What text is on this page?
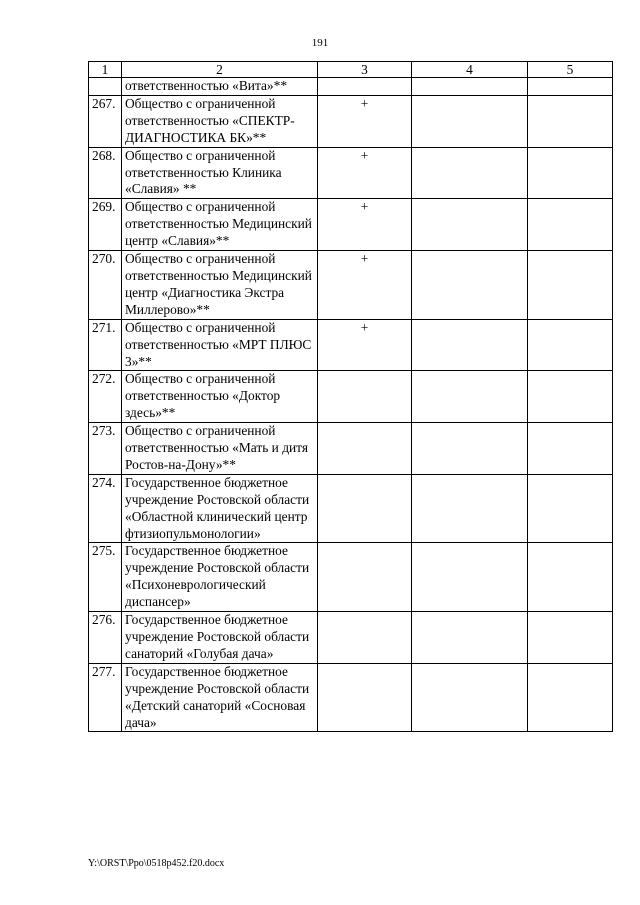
191
1	2	3	4	5
	ответственностью «Вита»**			
267.	Общество с ограниченной ответственностью «СПЕКТР-ДИАГНОСТИКА БК»**	+		
268.	Общество с ограниченной ответственностью Клиника «Славия» **	+		
269.	Общество с ограниченной ответственностью Медицинский центр «Славия»**	+		
270.	Общество с ограниченной ответственностью Медицинский центр «Диагностика Экстра Миллерово»**	+		
271.	Общество с ограниченной ответственностью «МРТ ПЛЮС 3»**	+		
272.	Общество с ограниченной ответственностью «Доктор здесь»**			
273.	Общество с ограниченной ответственностью «Мать и дитя Ростов-на-Дону»**			
274.	Государственное бюджетное учреждение Ростовской области «Областной клинический центр фтизиопульмонологии»			
275.	Государственное бюджетное учреждение Ростовской области «Психоневрологический диспансер»			
276.	Государственное бюджетное учреждение Ростовской области санаторий «Голубая дача»			
277.	Государственное бюджетное учреждение Ростовской области «Детский санаторий «Сосновая дача»			
Y:\ORST\Ppo\0518p452.f20.docx
